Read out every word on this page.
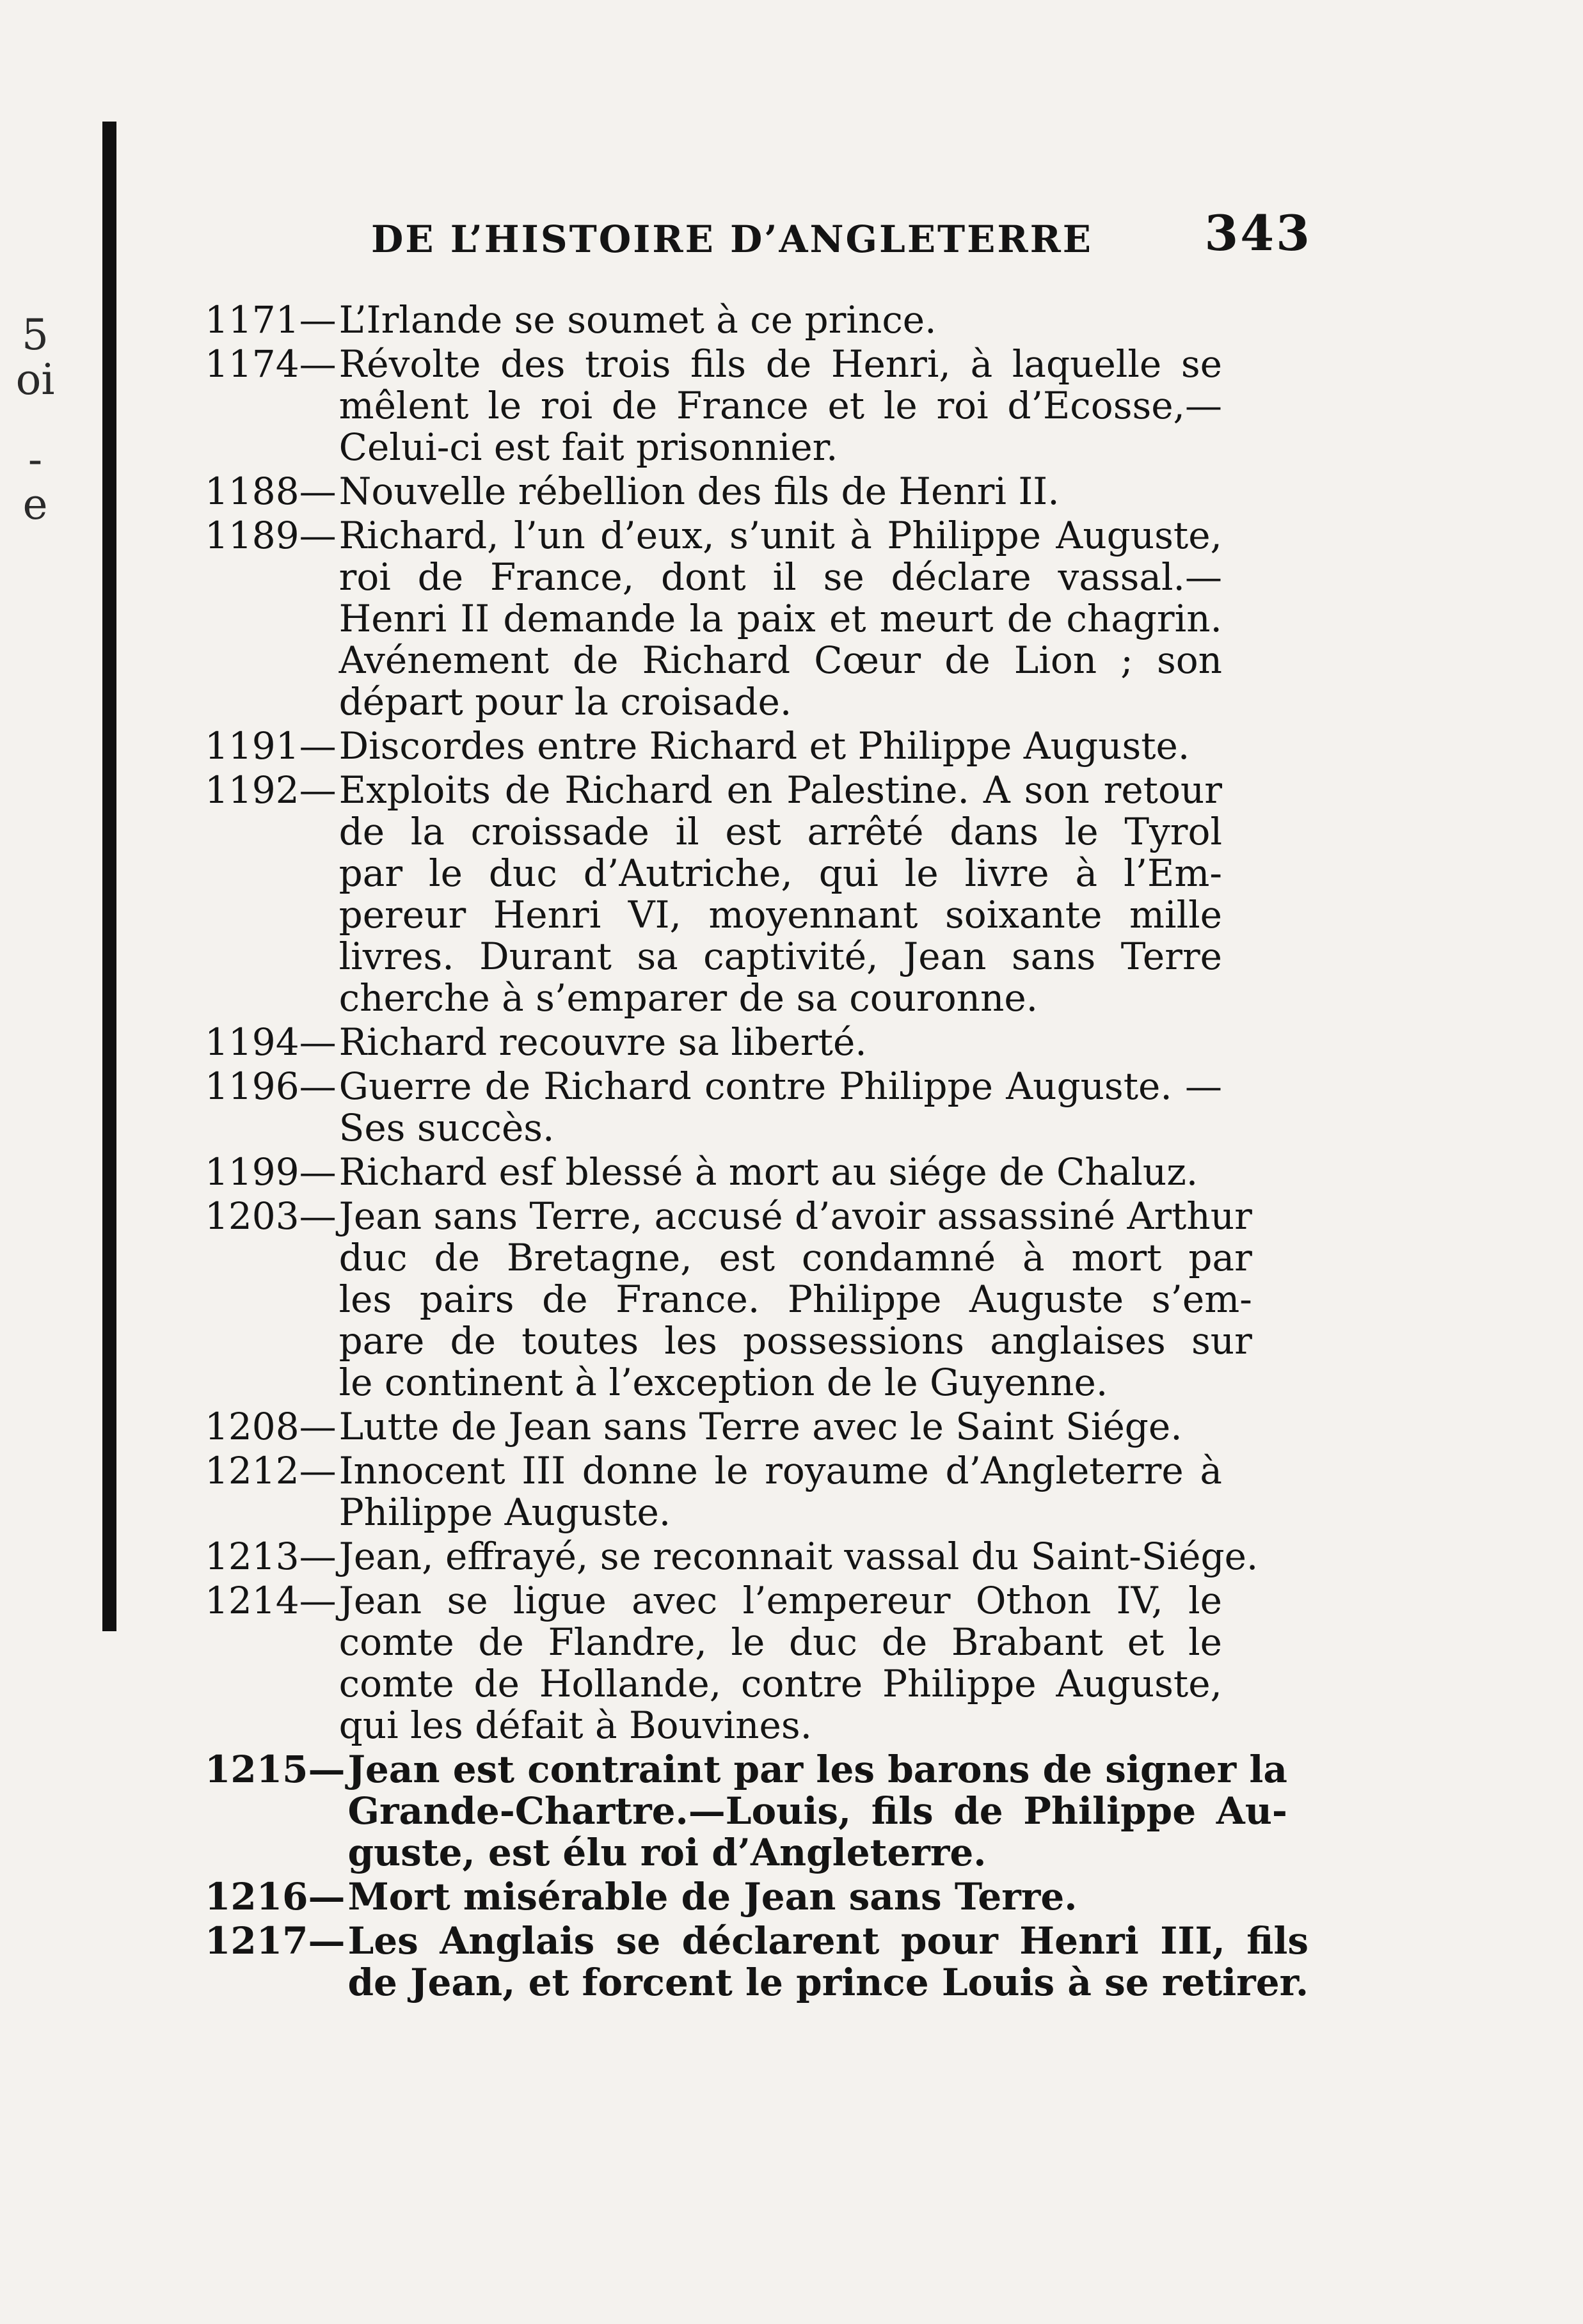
5
oi
-
e
DE L’HISTOIRE D’ANGLETERRE 343
1171 — L’Irlande se soumet à ce prince.
1174 — Révolte des trois fils de Henri, à laquelle se
mêlent le roi de France et le roi d’Ecosse,—
Celui-ci est fait prisonnier.
1188 — Nouvelle rébellion des fils de Henri II.
1189 — Richard, l’un d’eux, s’unit à Philippe Auguste,
roi de France, dont il se déclare vassal.—
Henri II demande la paix et meurt de chagrin.
Avénement de Richard Cœur de Lion ; son
départ pour la croisade.
1191 — Discordes entre Richard et Philippe Auguste.
1192 — Exploits de Richard en Palestine. A son retour
de la croissade il est arrêté dans le Tyrol
par le duc d’Autriche, qui le livre à l’Em-
pereur Henri VI, moyennant soixante mille
livres. Durant sa captivité, Jean sans Terre
cherche à s’emparer de sa couronne.
1194 — Richard recouvre sa liberté.
1196 — Guerre de Richard contre Philippe Auguste. —
Ses succès.
1199 — Richard esf blessé à mort au siége de Chaluz.
1203 — Jean sans Terre, accusé d’avoir assassiné Arthur
duc de Bretagne, est condamné à mort par
les pairs de France. Philippe Auguste s’em-
pare de toutes les possessions anglaises sur
le continent à l’exception de le Guyenne.
1208 — Lutte de Jean sans Terre avec le Saint Siége.
1212 — Innocent III donne le royaume d’Angleterre à
Philippe Auguste.
1213 — Jean, effrayé, se reconnait vassal du Saint-Siége.
1214 — Jean se ligue avec l’empereur Othon IV, le
comte de Flandre, le duc de Brabant et le
comte de Hollande, contre Philippe Auguste,
qui les défait à Bouvines.
1215 — Jean est contraint par les barons de signer la
Grande-Chartre.—Louis, fils de Philippe Au-
guste, est élu roi d’Angleterre.
1216 — Mort misérable de Jean sans Terre.
1217 — Les Anglais se déclarent pour Henri III, fils
de Jean, et forcent le prince Louis à se retirer.
